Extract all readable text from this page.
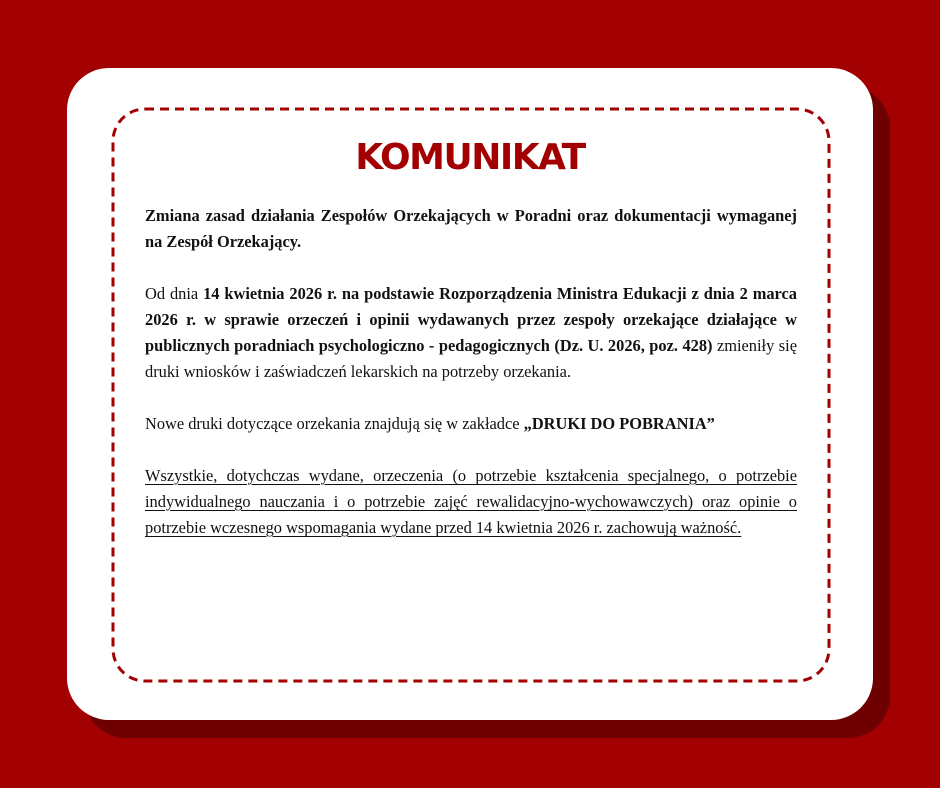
KOMUNIKAT

Zmiana zasad działania Zespołów Orzekających w Poradni oraz dokumentacji wymaganej na Zespół Orzekający.

Od dnia 14 kwietnia 2026 r. na podstawie Rozporządzenia Ministra Edukacji z dnia 2 marca 2026 r. w sprawie orzeczeń i opinii wydawanych przez zespoły orzekające działające w publicznych poradniach psychologiczno - pedagogicznych (Dz. U. 2026, poz. 428) zmieniły się druki wniosków i zaświadczeń lekarskich na potrzeby orzekania.

Nowe druki dotyczące orzekania znajdują się w zakładce „DRUKI DO POBRANIA”

Wszystkie, dotychczas wydane, orzeczenia (o potrzebie kształcenia specjalnego, o potrzebie indywidualnego nauczania i o potrzebie zajęć rewalidacyjno-wychowawczych) oraz opinie o potrzebie wczesnego wspomagania wydane przed 14 kwietnia 2026 r. zachowują ważność.
